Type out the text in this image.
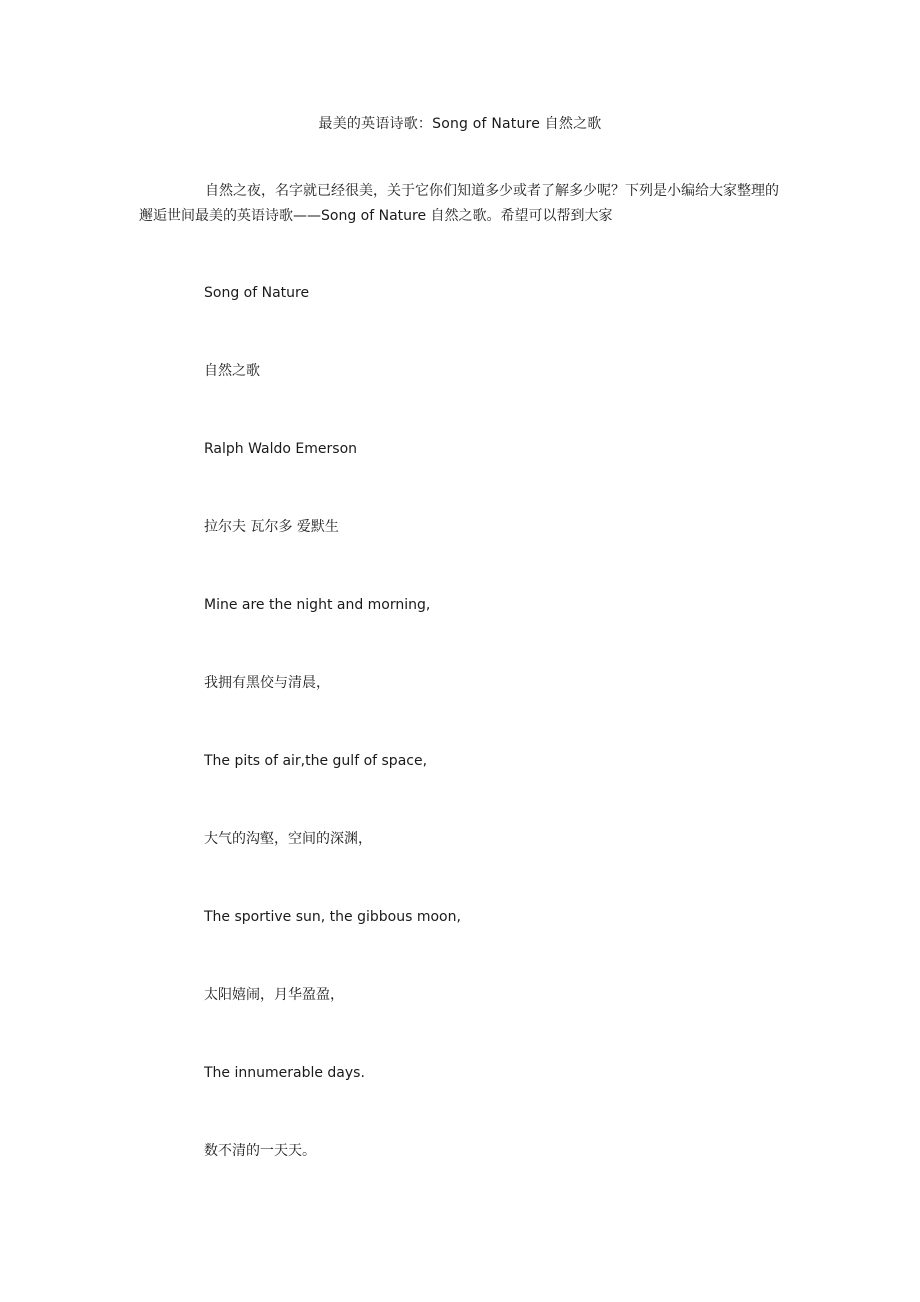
最美的英语诗歌：Song of Nature 自然之歌

自然之夜，名字就已经很美，关于它你们知道多少或者了解多少呢？下列是小编给大家整理的邂逅世间最美的英语诗歌——Song of Nature 自然之歌。希望可以帮到大家

Song of Nature
自然之歌
Ralph Waldo Emerson
拉尔夫 瓦尔多 爱默生
Mine are the night and morning,
我拥有黑佼与清晨，
The pits of air,the gulf of space,
大气的沟壑，空间的深渊，
The sportive sun, the gibbous moon,
太阳嬉闹，月华盈盈，
The innumerable days.
数不清的一天天。
